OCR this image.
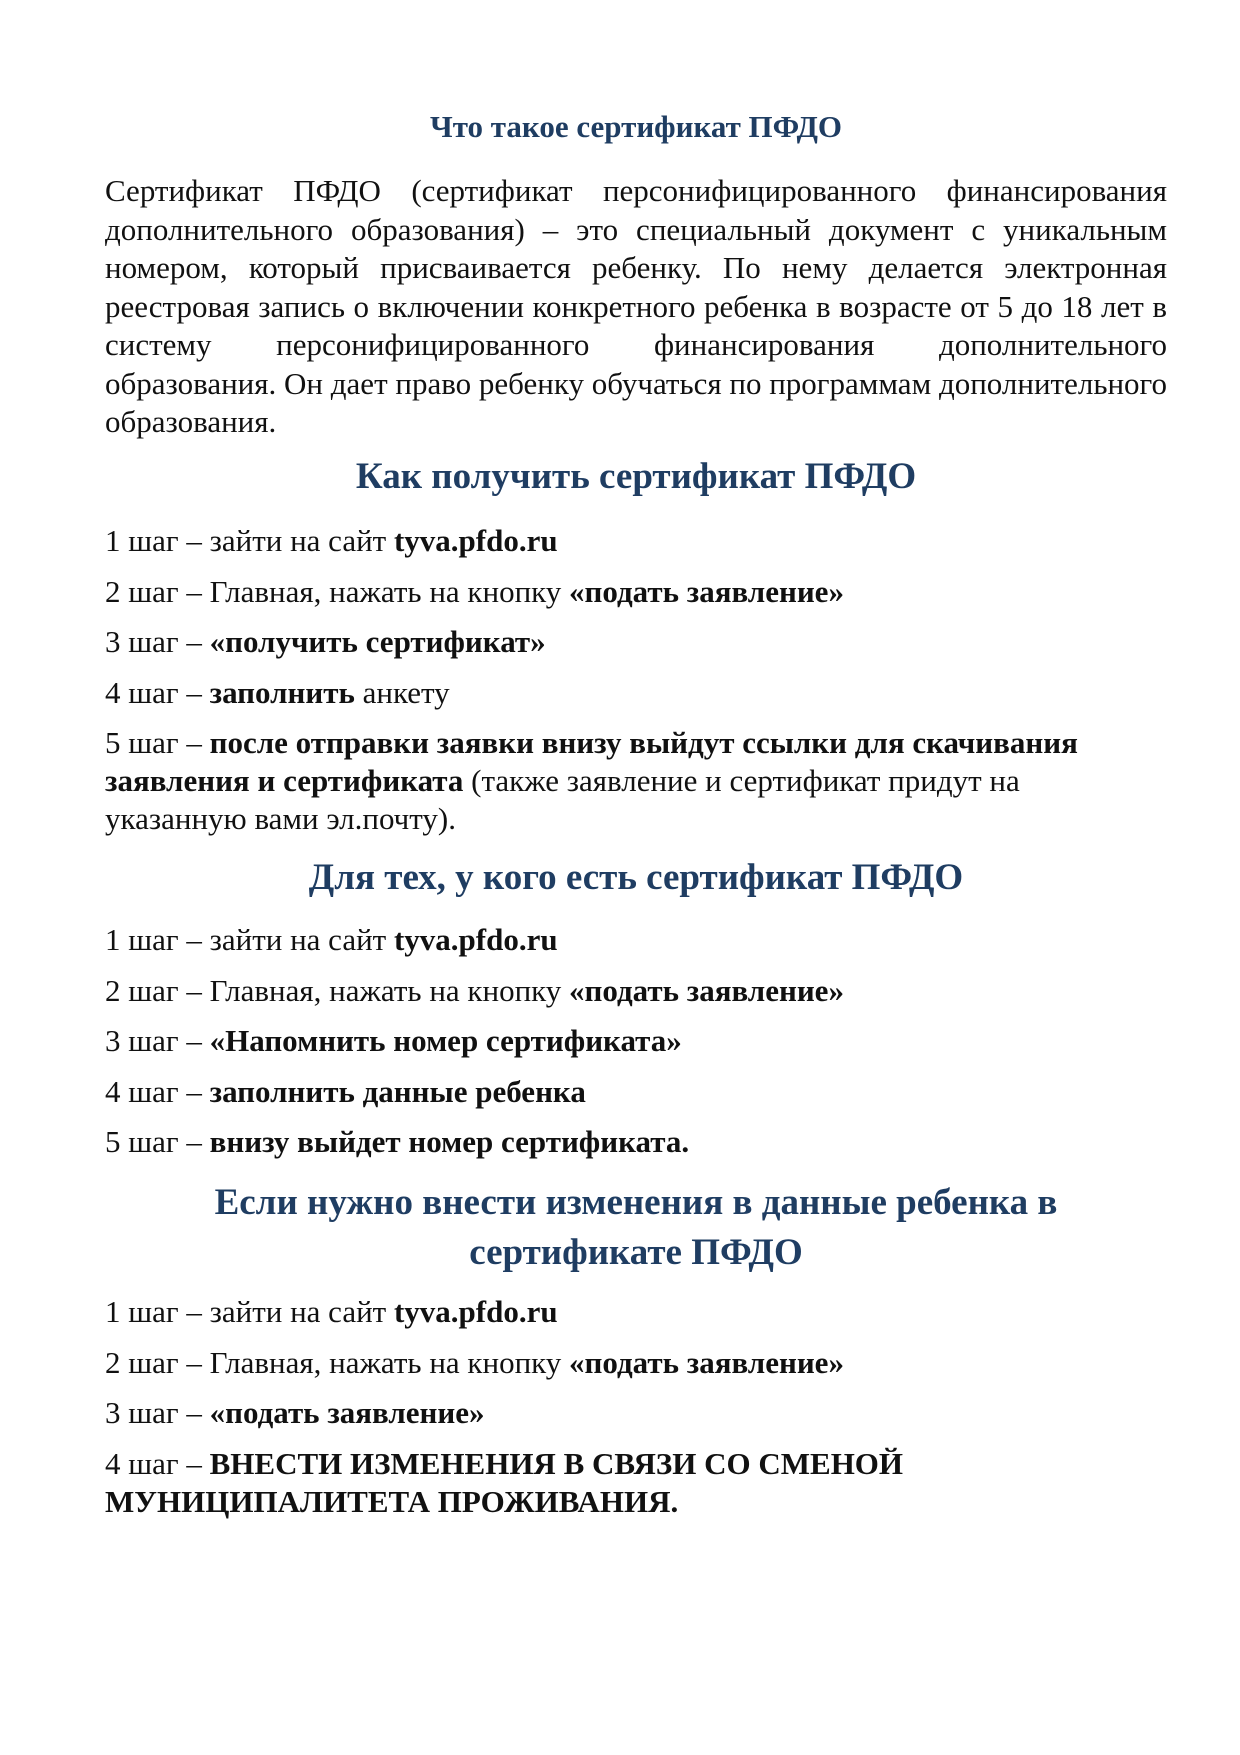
Что такое сертификат ПФДО

Сертификат ПФДО (сертификат персонифицированного финансирования дополнительного образования) – это специальный документ с уникальным номером, который присваивается ребенку. По нему делается электронная реестровая запись о включении конкретного ребенка в возрасте от 5 до 18 лет в систему персонифицированного финансирования дополнительного образования. Он дает право ребенку обучаться по программам дополнительного образования.

Как получить сертификат ПФДО

1 шаг – зайти на сайт tyva.pfdo.ru

2 шаг – Главная, нажать на кнопку «подать заявление»

3 шаг – «получить сертификат»

4 шаг – заполнить анкету

5 шаг – после отправки заявки внизу выйдут ссылки для скачивания заявления и сертификата (также заявление и сертификат придут на указанную вами эл.почту).

Для тех, у кого есть сертификат ПФДО

1 шаг – зайти на сайт tyva.pfdo.ru

2 шаг – Главная, нажать на кнопку «подать заявление»

3 шаг – «Напомнить номер сертификата»

4 шаг – заполнить данные ребенка

5 шаг – внизу выйдет номер сертификата.

Если нужно внести изменения в данные ребенка в
сертификате ПФДО

1 шаг – зайти на сайт tyva.pfdo.ru

2 шаг – Главная, нажать на кнопку «подать заявление»

3 шаг – «подать заявление»

4 шаг – ВНЕСТИ ИЗМЕНЕНИЯ В СВЯЗИ СО СМЕНОЙ МУНИЦИПАЛИТЕТА ПРОЖИВАНИЯ.
